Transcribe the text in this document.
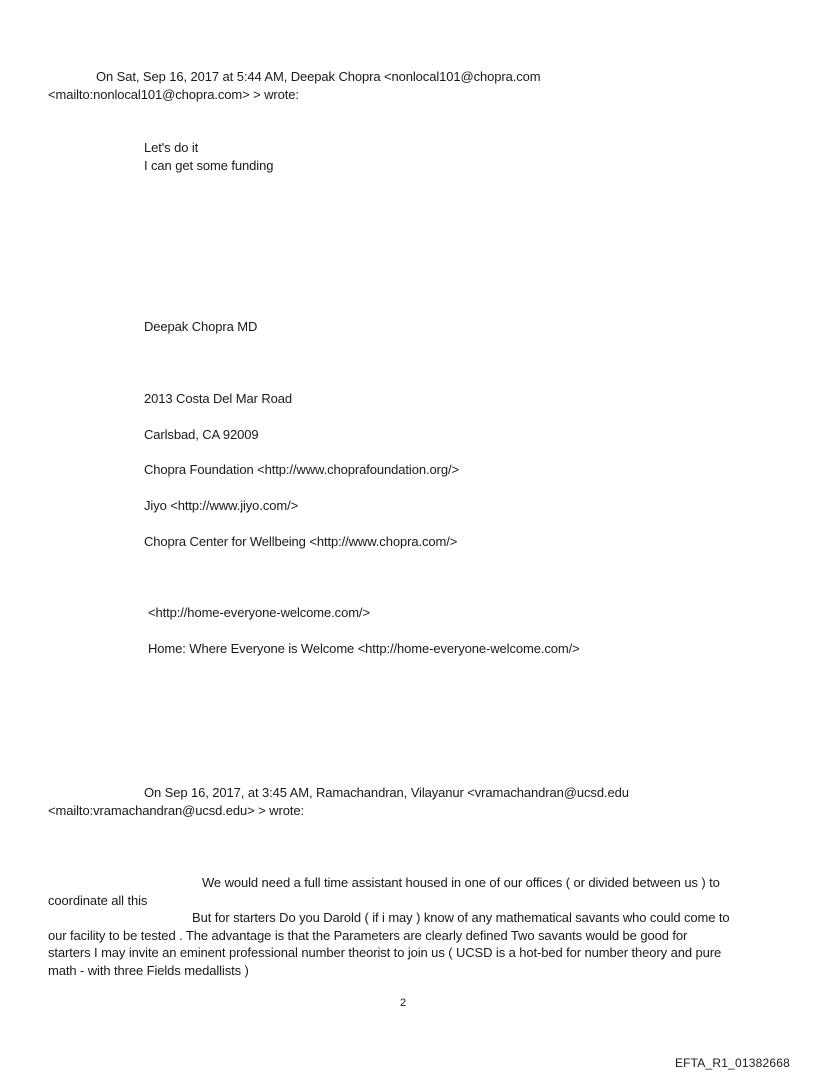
On Sat, Sep 16, 2017 at 5:44 AM, Deepak Chopra <nonlocal101@chopra.com
<mailto:nonlocal101@chopra.com> > wrote:
Let's do it
I can get some funding
Deepak Chopra MD
2013 Costa Del Mar Road
Carlsbad, CA 92009
Chopra Foundation <http://www.choprafoundation.org/>
Jiyo <http://www.jiyo.com/>
Chopra Center for Wellbeing <http://www.chopra.com/>
<http://home-everyone-welcome.com/>
Home: Where Everyone is Welcome <http://home-everyone-welcome.com/>
On Sep 16, 2017, at 3:45 AM, Ramachandran, Vilayanur <vramachandran@ucsd.edu
<mailto:vramachandran@ucsd.edu> > wrote:
We would need a full time assistant housed in one of our offices ( or divided between us ) to
coordinate all this
But for starters Do you Darold ( if i may ) know of any mathematical savants who could come to
our facility to be tested . The advantage is that the Parameters are clearly defined Two savants would be good for
starters I may invite an eminent professional number theorist to join us ( UCSD is a hot-bed for number theory and pure
math - with three Fields medallists )
2
EFTA_R1_01382668
